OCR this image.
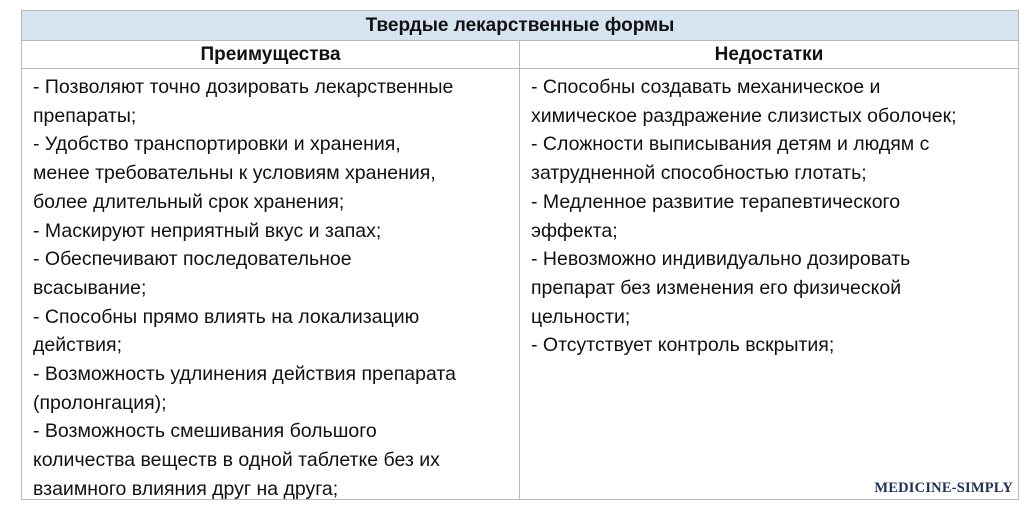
Твердые лекарственные формы
Преимущества	Недостатки
- Позволяют точно дозировать лекарственные
препараты;
- Удобство транспортировки и хранения,
менее требовательны к условиям хранения,
более длительный срок хранения;
- Маскируют неприятный вкус и запах;
- Обеспечивают последовательное
всасывание;
- Способны прямо влиять на локализацию
действия;
- Возможность удлинения действия препарата
(пролонгация);
- Возможность смешивания большого
количества веществ в одной таблетке без их
взаимного влияния друг на друга;
- Способны создавать механическое и
химическое раздражение слизистых оболочек;
- Сложности выписывания детям и людям с
затрудненной способностью глотать;
- Медленное развитие терапевтического
эффекта;
- Невозможно индивидуально дозировать
препарат без изменения его физической
цельности;
- Отсутствует контроль вскрытия;
MEDICINE-SIMPLY
